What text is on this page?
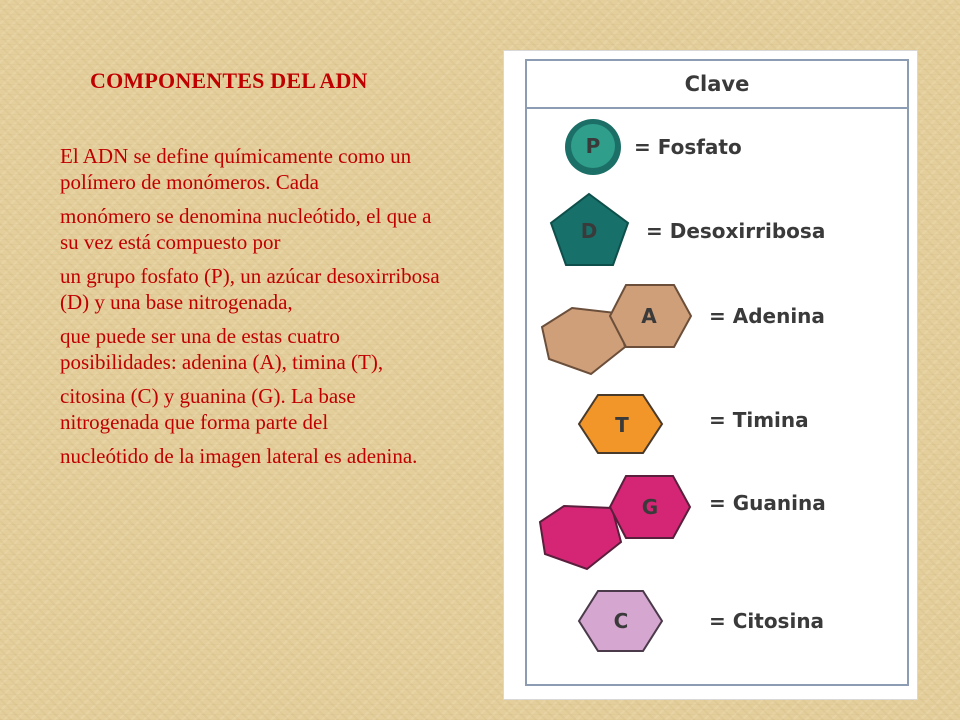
COMPONENTES DEL ADN

El ADN se define químicamente como un polímero de monómeros. Cada

monómero se denomina nucleótido, el que a su vez está compuesto por

un grupo fosfato (P), un azúcar desoxirribosa (D) y una base nitrogenada,

que puede ser una de estas cuatro posibilidades: adenina (A), timina (T),

citosina (C) y guanina (G). La base nitrogenada que forma parte del

nucleótido de la imagen lateral es adenina.

Clave
P = Fosfato
D = Desoxirribosa
A	= Adenina
T	= Timina
G	= Guanina
C	= Citosina
